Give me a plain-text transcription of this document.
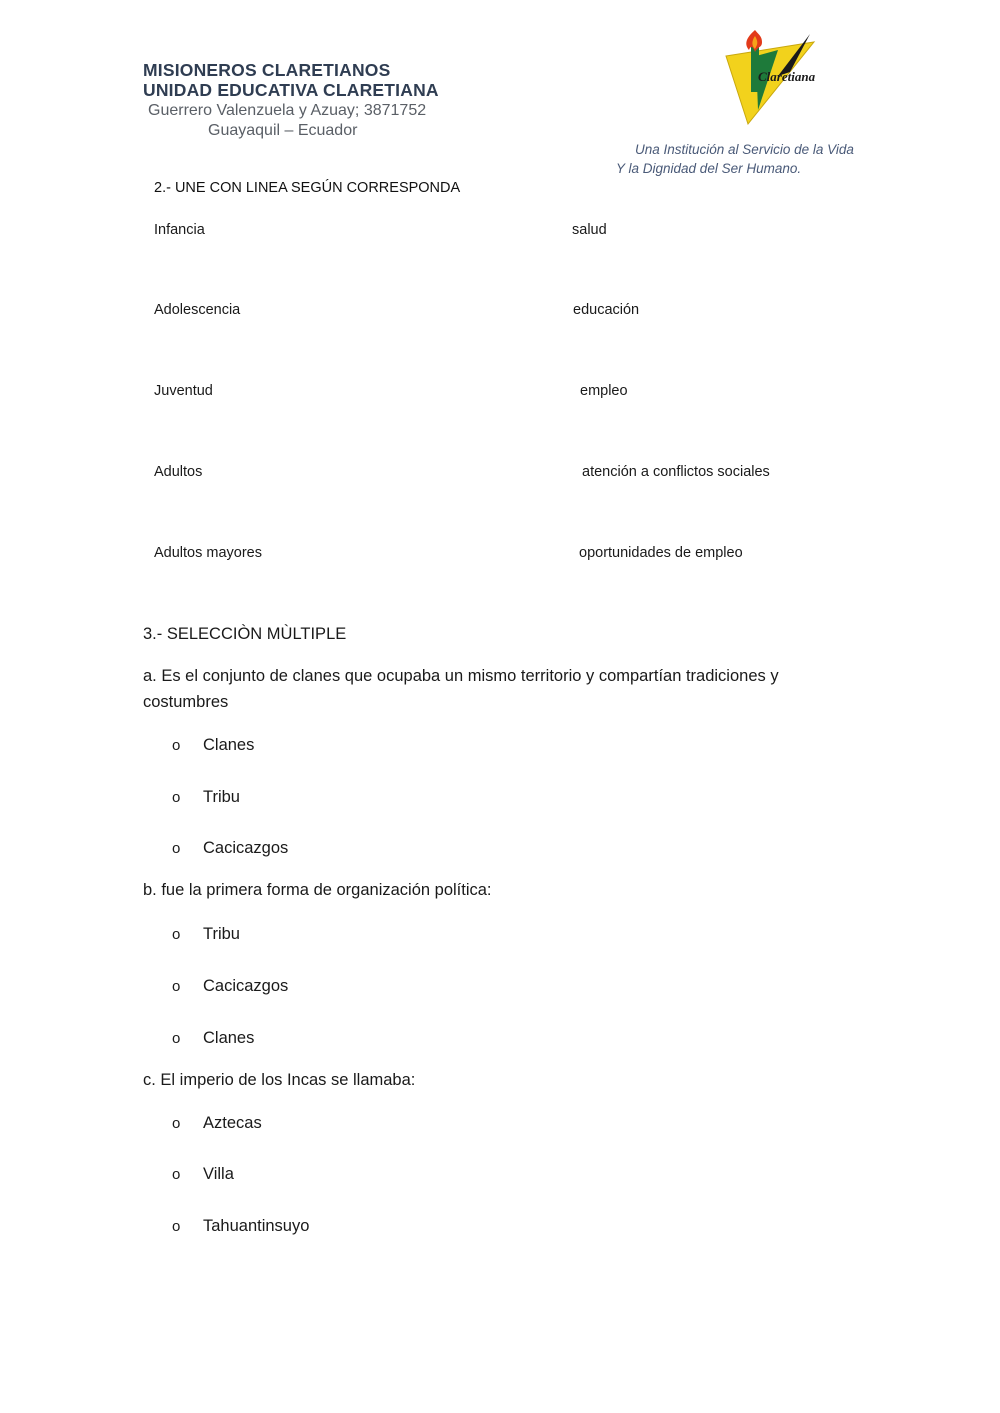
MISIONEROS CLARETIANOS
UNIDAD EDUCATIVA CLARETIANA
Guerrero Valenzuela y Azuay; 3871752
Guayaquil – Ecuador
Claretiana
Una Institución al Servicio de la Vida
Y la Dignidad del Ser Humano.
2.- UNE CON LINEA SEGÚN CORRESPONDA
Infancia
Adolescencia
Juventud
Adultos
Adultos mayores
salud
educación
empleo
atención a conflictos sociales
oportunidades de empleo
3.- SELECCIÒN MÙLTIPLE
a. Es el conjunto de clanes que ocupaba un mismo territorio y compartían tradiciones y
costumbres
o Clanes
o Tribu
o Cacicazgos
b. fue la primera forma de organización política:
o Tribu
o Cacicazgos
o Clanes
c. El imperio de los Incas se llamaba:
o Aztecas
o Villa
o Tahuantinsuyo
